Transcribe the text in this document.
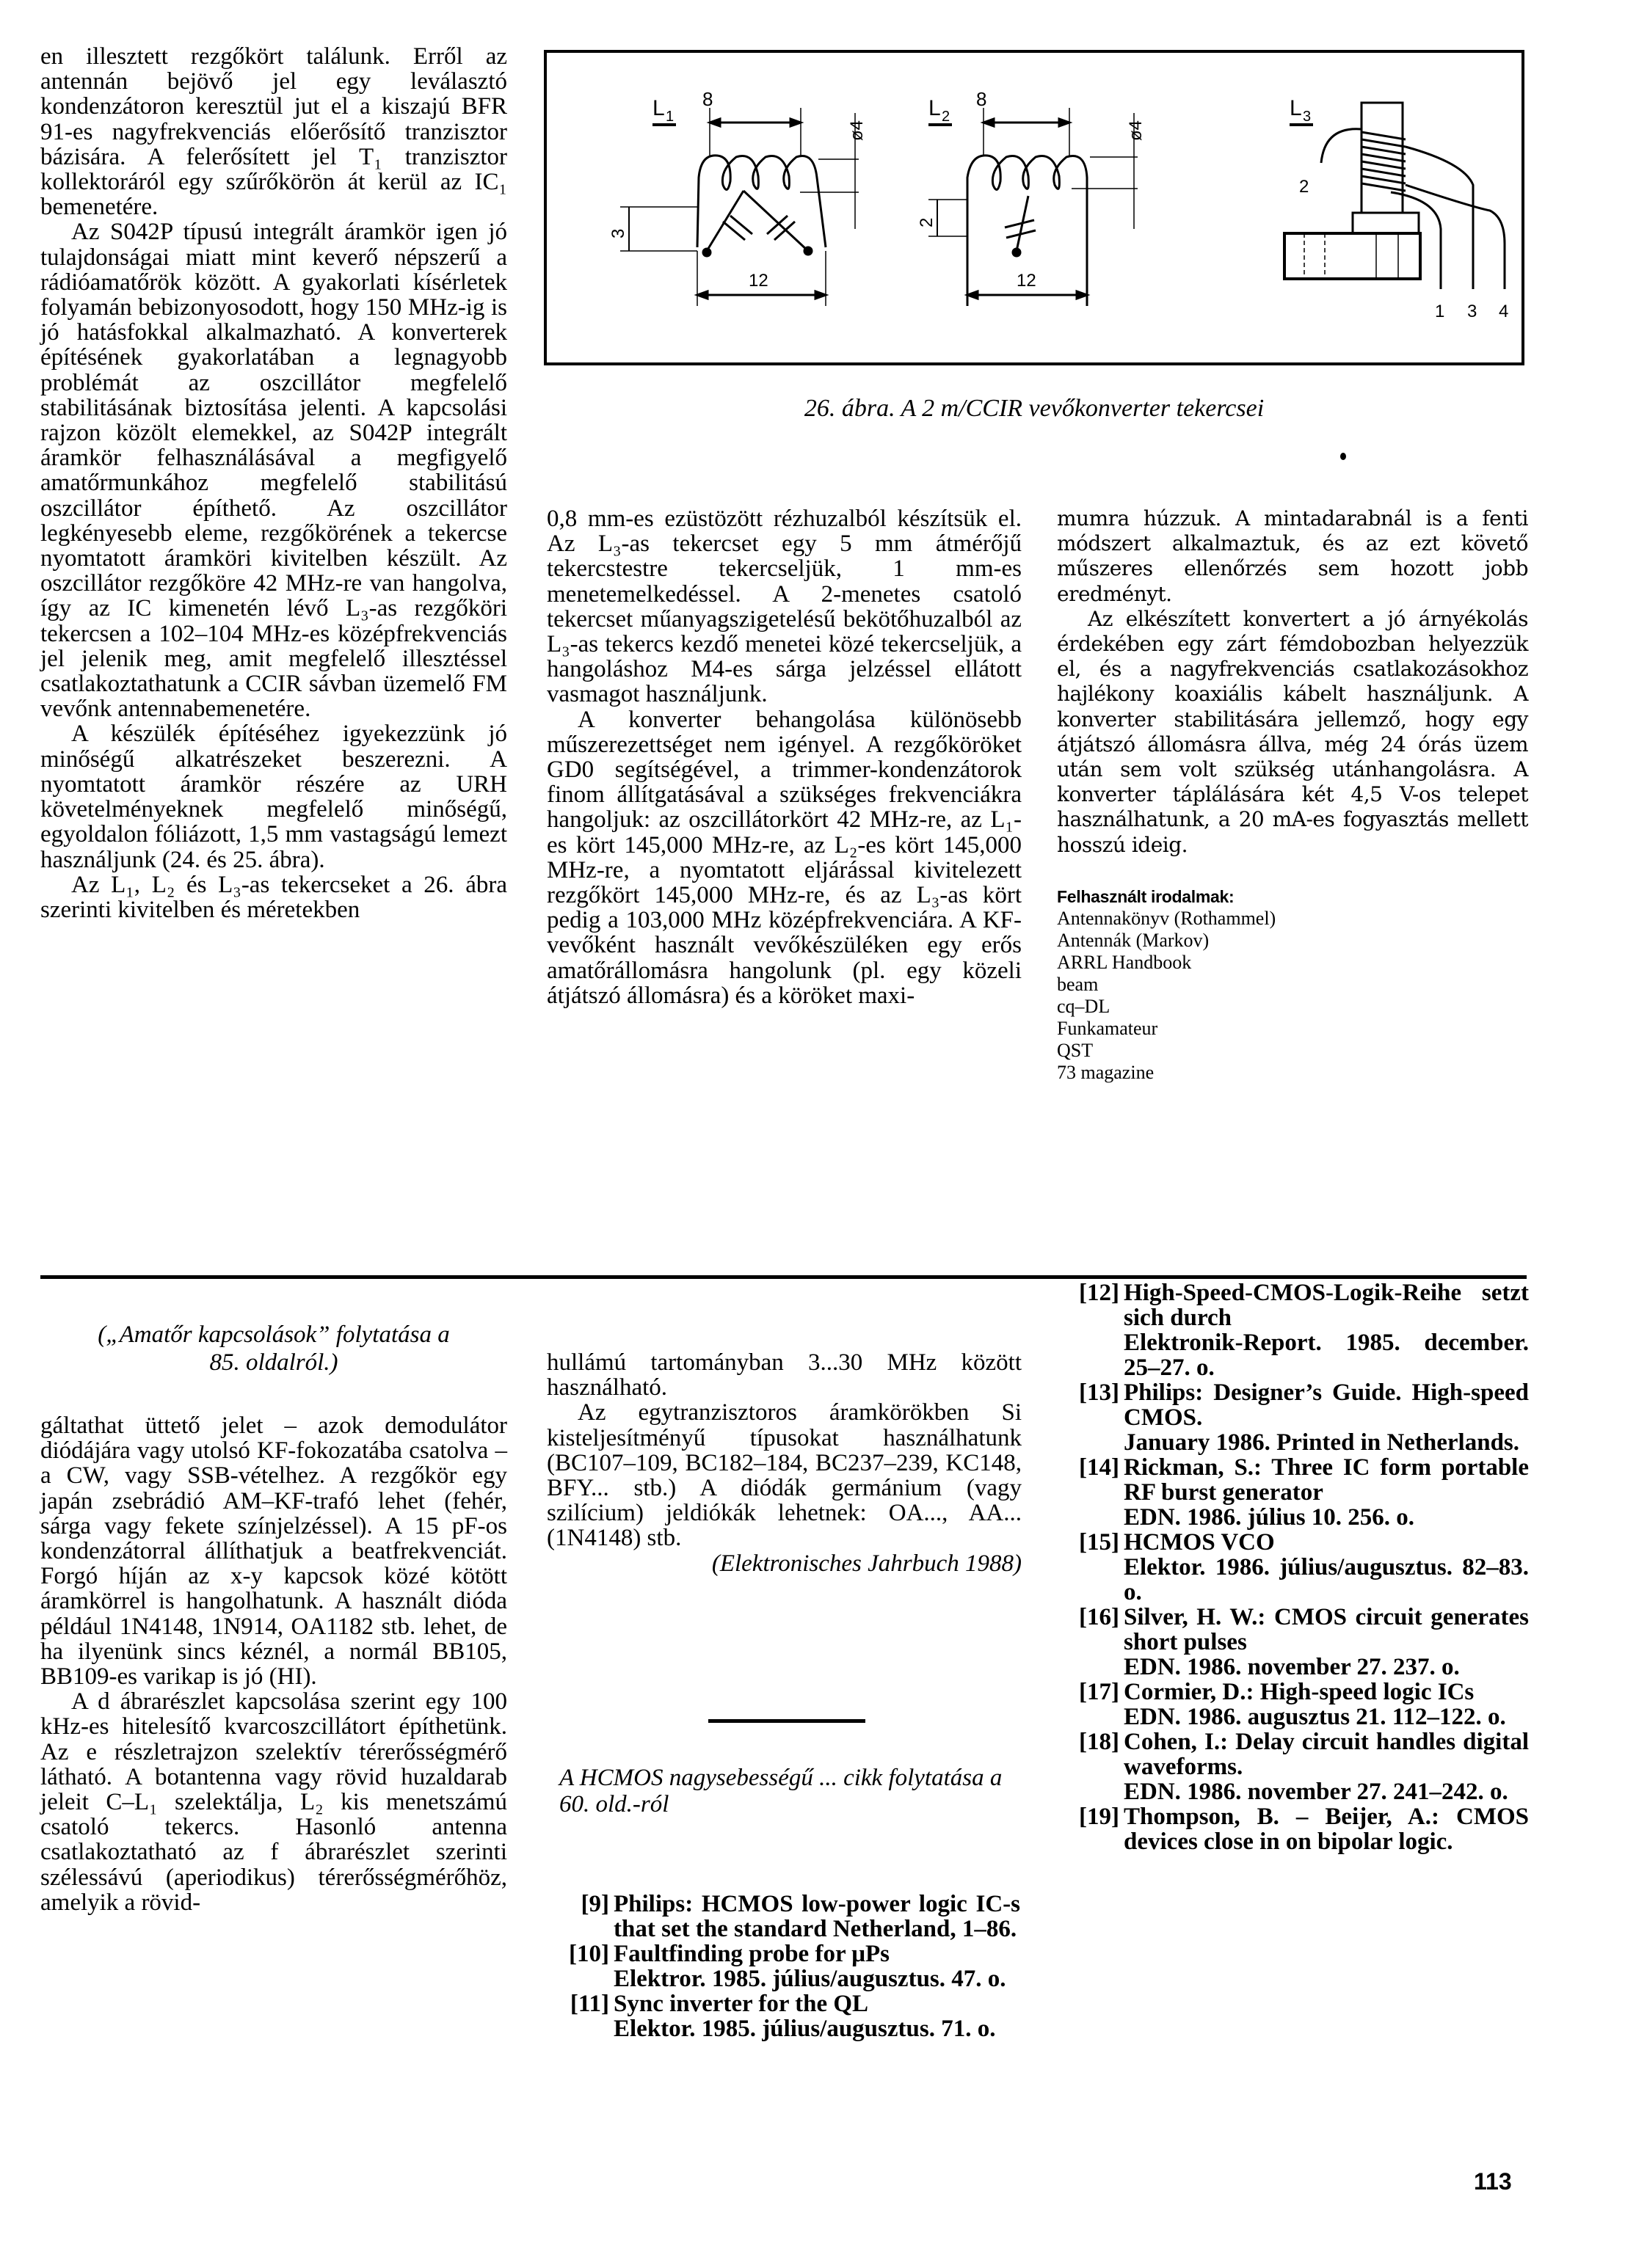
en illesztett rezgőkört találunk. Erről az antennán bejövő jel egy leválasztó kondenzátoron keresztül jut el a kiszajú BFR 91-es nagyfrekvenciás előerősítő tranzisztor bázisára. A felerősített jel T₁ tranzisztor kollektoráról egy szűrőkörön át kerül az IC₁ bemenetére.

Az S042P típusú integrált áramkör igen jó tulajdonságai miatt mint keverő népszerű a rádióamatőrök között. A gyakorlati kísérletek folyamán bebizonyosodott, hogy 150 MHz-ig is jó hatásfokkal alkalmazható. A konverterek építésének gyakorlatában a legnagyobb problémát az oszcillátor megfelelő stabilitásának biztosítása jelenti. A kapcsolási rajzon közölt elemekkel, az S042P integrált áramkör felhasználásával a megfigyelő amatőrmunkához megfelelő stabilitású oszcillátor építhető. Az oszcillátor legkényesebb eleme, rezgőkörének a tekercse nyomtatott áramköri kivitelben készült. Az oszcillátor rezgőköre 42 MHz-re van hangolva, így az IC kimenetén lévő L₃-as rezgőköri tekercsen a 102–104 MHz-es középfrekvenciás jel jelenik meg, amit megfelelő illesztéssel csatlakoztathatunk a CCIR sávban üzemelő FM vevőnk antennabemenetére.

A készülék építéséhez igyekezzünk jó minőségű alkatrészeket beszerezni. A nyomtatott áramkör részére az URH követelményeknek megfelelő minőségű, egyoldalon fóliázott, 1,5 mm vastagságú lemezt használjunk (24. és 25. ábra).

Az L₁, L₂ és L₃-as tekercseket a 26. ábra szerinti kivitelben és méretekben

L 1
8
ø4
3
12
L 2
8
ø4
2
12
L 3
2
1 3 4
26. ábra. A 2 m/CCIR vevőkonverter tekercsei

0,8 mm-es ezüstözött rézhuzalból készítsük el. Az L₃-as tekercset egy 5 mm átmérőjű tekercstestre tekercseljük, 1 mm-es menetemelkedéssel. A 2-menetes csatoló tekercset műanyagszigetelésű bekötőhuzalból az L₃-as tekercs kezdő menetei közé tekercseljük, a hangoláshoz M4-es sárga jelzéssel ellátott vasmagot használjunk.

A konverter behangolása különösebb műszerezettséget nem igényel. A rezgőköröket GD0 segítségével, a trimmer-kondenzátorok finom állítgatásával a szükséges frekvenciákra hangoljuk: az oszcillátorkört 42 MHz-re, az L₁-es kört 145,000 MHz-re, az L₂-es kört 145,000 MHz-re, a nyomtatott eljárással kivitelezett rezgőkört 145,000 MHz-re, és az L₃-as kört pedig a 103,000 MHz középfrekvenciára. A KF-vevőként használt vevőkészüléken egy erős amatőrállomásra hangolunk (pl. egy közeli átjátszó állomásra) és a köröket maxi-

mumra húzzuk. A mintadarabnál is a fenti módszert alkalmaztuk, és az ezt követő műszeres ellenőrzés sem hozott jobb eredményt.

Az elkészített konvertert a jó árnyékolás érdekében egy zárt fémdobozban helyezzük el, és a nagyfrekvenciás csatlakozásokhoz hajlékony koaxiális kábelt használjunk. A konverter stabilitására jellemző, hogy egy átjátszó állomásra állva, még 24 órás üzem után sem volt szükség utánhangolásra. A konverter táplálására két 4,5 V-os telepet használhatunk, a 20 mA-es fogyasztás mellett hosszú ideig.

Felhasznált irodalmak:
Antennakönyv (Rothammel)
Antennák (Markov)
ARRL Handbook
beam
cq–DL
Funkamateur
QST
73 magazine
(„Amatőr kapcsolások” folytatása a
85. oldalról.)

gáltathat üttető jelet – azok demodulátor diódájára vagy utolsó KF-fokozatába csatolva – a CW, vagy SSB-vételhez. A rezgőkör egy japán zsebrádió AM–KF-trafó lehet (fehér, sárga vagy fekete színjelzéssel). A 15 pF-os kondenzátorral állíthatjuk a beatfrekvenciát. Forgó híján az x-y kapcsok közé kötött áramkörrel is hangolhatunk. A használt dióda például 1N4148, 1N914, OA1182 stb. lehet, de ha ilyenünk sincs kéznél, a normál BB105, BB109-es varikap is jó (HI).

A d ábrarészlet kapcsolása szerint egy 100 kHz-es hitelesítő kvarcoszcillátort építhetünk. Az e részletrajzon szelektív térerősségmérő látható. A botantenna vagy rövid huzaldarab jeleit C–L₁ szelektálja, L₂ kis menetszámú csatoló tekercs. Hasonló antenna csatlakoztatható az f ábrarészlet szerinti szélessávú (aperiodikus) térerősségmérőhöz, amelyik a rövid-

hullámú tartományban 3...30 MHz között használható.

Az egytranzisztoros áramkörökben Si kisteljesítményű típusokat használhatunk (BC107–109, BC182–184, BC237–239, KC148, BFY... stb.) A diódák germánium (vagy szilícium) jeldiókák lehetnek: OA..., AA... (1N4148) stb.

(Elektronisches Jahrbuch 1988)

A HCMOS nagysebességű ... cikk folytatása a 60. old.-ról
[9] Philips: HCMOS low-power logic IC-s that set the standard Netherland, 1–86.
[10] Faultfinding probe for μPs
Elektror. 1985. július/augusztus. 47. o.
[11] Sync inverter for the QL
Elektor. 1985. július/augusztus. 71. o.
[12] High-Speed-CMOS-Logik-Reihe setzt sich durch
Elektronik-Report. 1985. december. 25–27. o.
[13] Philips: Designer’s Guide. High-speed CMOS.
January 1986. Printed in Netherlands.
[14] Rickman, S.: Three IC form portable RF burst generator
EDN. 1986. július 10. 256. o.
[15] HCMOS VCO
Elektor. 1986. július/augusztus. 82–83. o.
[16] Silver, H. W.: CMOS circuit generates short pulses
EDN. 1986. november 27. 237. o.
[17] Cormier, D.: High-speed logic ICs
EDN. 1986. augusztus 21. 112–122. o.
[18] Cohen, I.: Delay circuit handles digital waveforms.
EDN. 1986. november 27. 241–242. o.
[19] Thompson, B. – Beijer, A.: CMOS devices close in on bipolar logic.
113
